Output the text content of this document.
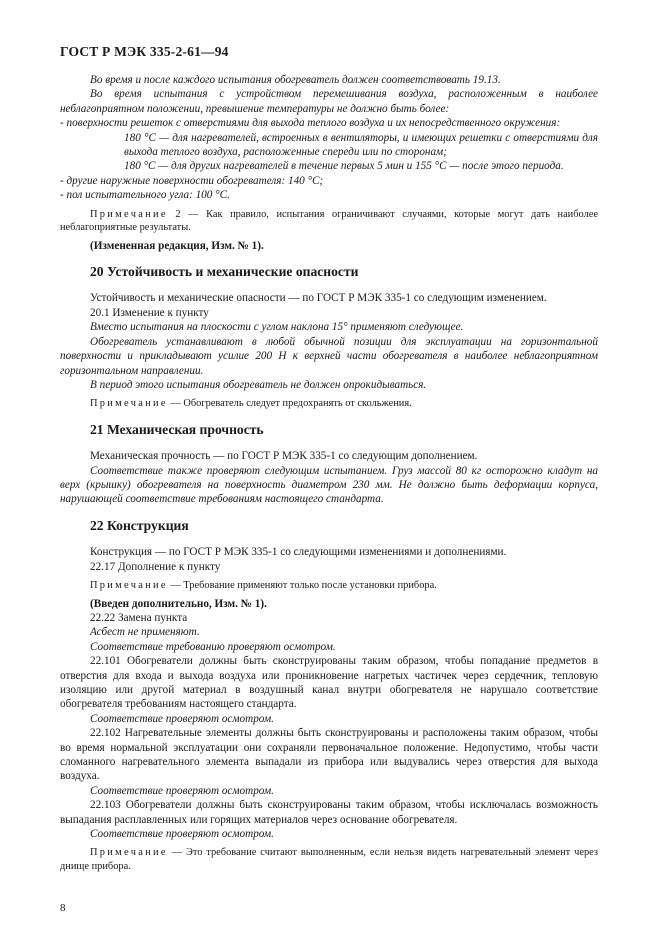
ГОСТ Р МЭК 335-2-61—94

Во время и после каждого испытания обогреватель должен соответствовать 19.13.

Во время испытания с устройством перемешивания воздуха, расположенным в наиболее неблагоприятном положении, превышение температуры не должно быть более:

- поверхности решеток с отверстиями для выхода теплого воздуха и их непосредственного окружения:

180 °C — для нагревателей, встроенных в вентиляторы, и имеющих решетки с отверстиями для выхода теплого воздуха, расположенные спереди или по сторонам;

180 °C — для других нагревателей в течение первых 5 мин и 155 °C — после этого периода.

- другие наружные поверхности обогревателя: 140 °C;

- пол испытательного угла: 100 °C.

Примечание 2 — Как правило, испытания ограничивают случаями, которые могут дать наиболее неблагоприятные результаты.

(Измененная редакция, Изм. № 1).

20 Устойчивость и механические опасности

Устойчивость и механические опасности — по ГОСТ Р МЭК 335-1 со следующим изменением.

20.1 Изменение к пункту

Вместо испытания на плоскости с углом наклона 15° применяют следующее.

Обогреватель устанавливают в любой обычной позиции для эксплуатации на горизонтальной поверхности и прикладывают усилие 200 Н к верхней части обогревателя в наиболее неблагоприятном горизонтальном направлении.

В период этого испытания обогреватель не должен опрокидываться.

Примечание — Обогреватель следует предохранять от скольжения.

21 Механическая прочность

Механическая прочность — по ГОСТ Р МЭК 335-1 со следующим дополнением.

Соответствие также проверяют следующим испытанием. Груз массой 80 кг осторожно кладут на верх (крышку) обогревателя на поверхность диаметром 230 мм. Не должно быть деформации корпуса, нарушающей соответствие требованиям настоящего стандарта.

22 Конструкция

Конструкция — по ГОСТ Р МЭК 335-1 со следующими изменениями и дополнениями.

22.17 Дополнение к пункту

Примечание — Требование применяют только после установки прибора.

(Введен дополнительно, Изм. № 1).

22.22 Замена пункта

Асбест не применяют.

Соответствие требованию проверяют осмотром.

22.101 Обогреватели должны быть сконструированы таким образом, чтобы попадание предметов в отверстия для входа и выхода воздуха или проникновение нагретых частичек через сердечник, тепловую изоляцию или другой материал в воздушный канал внутри обогревателя не нарушало соответствие обогревателя требованиям настоящего стандарта.

Соответствие проверяют осмотром.

22.102 Нагревательные элементы должны быть сконструированы и расположены таким образом, чтобы во время нормальной эксплуатации они сохраняли первоначальное положение. Недопустимо, чтобы части сломанного нагревательного элемента выпадали из прибора или выдувались через отверстия для выхода воздуха.

Соответствие проверяют осмотром.

22.103 Обогреватели должны быть сконструированы таким образом, чтобы исключалась возможность выпадания расплавленных или горящих материалов через основание обогревателя.

Соответствие проверяют осмотром.

Примечание — Это требование считают выполненным, если нельзя видеть нагревательный элемент через днище прибора.

8
